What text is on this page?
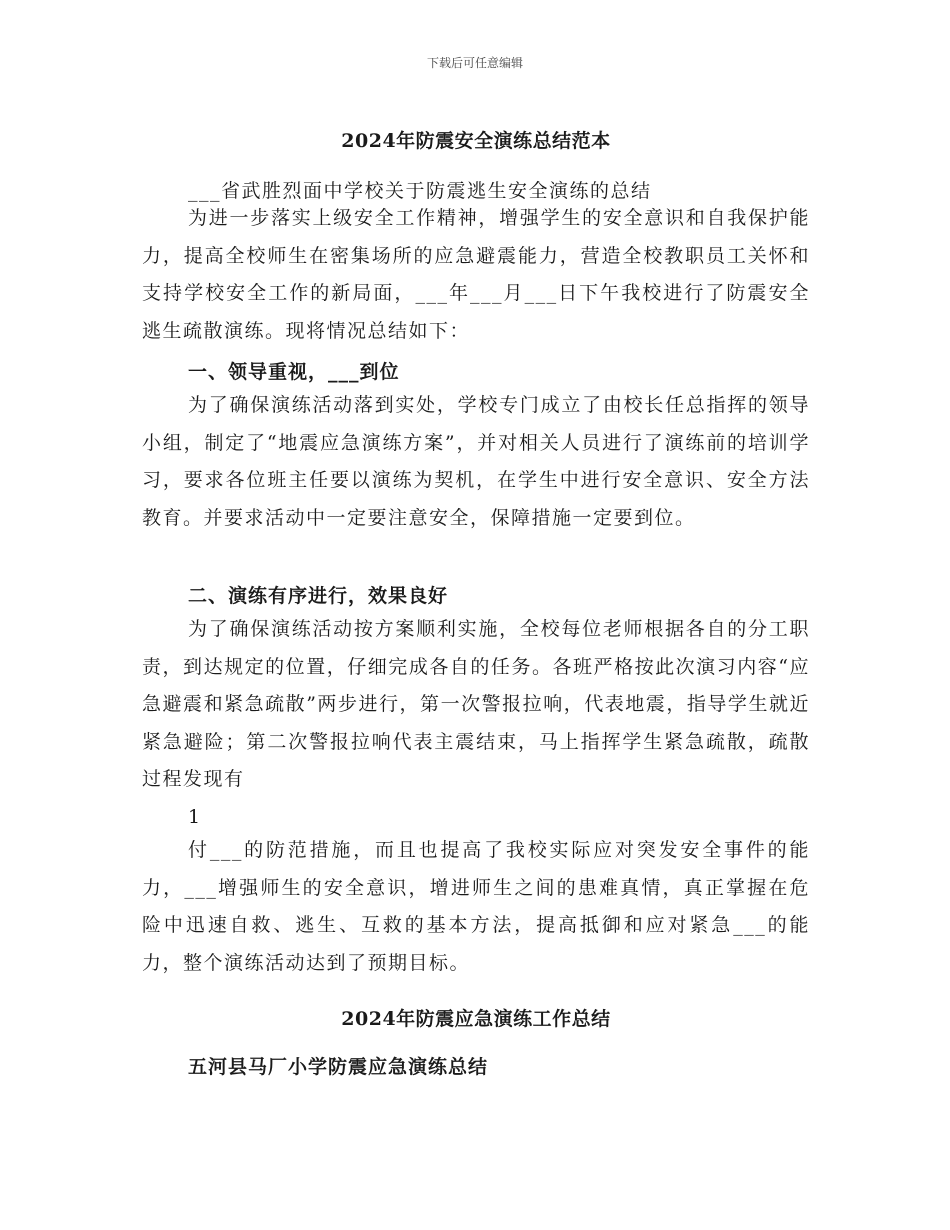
下载后可任意编辑
2024年防震安全演练总结范本
___省武胜烈面中学校关于防震逃生安全演练的总结
为进一步落实上级安全工作精神，增强学生的安全意识和自我保护能力，提高全校师生在密集场所的应急避震能力，营造全校教职员工关怀和支持学校安全工作的新局面，___年___月___日下午我校进行了防震安全逃生疏散演练。现将情况总结如下：
一、领导重视，___到位
为了确保演练活动落到实处，学校专门成立了由校长任总指挥的领导小组，制定了“地震应急演练方案”，并对相关人员进行了演练前的培训学习，要求各位班主任要以演练为契机，在学生中进行安全意识、安全方法教育。并要求活动中一定要注意安全，保障措施一定要到位。
二、演练有序进行，效果良好
为了确保演练活动按方案顺利实施，全校每位老师根据各自的分工职责，到达规定的位置，仔细完成各自的任务。各班严格按此次演习内容“应急避震和紧急疏散”两步进行，第一次警报拉响，代表地震，指导学生就近紧急避险；第二次警报拉响代表主震结束，马上指挥学生紧急疏散，疏散过程发现有
1
付___的防范措施，而且也提高了我校实际应对突发安全事件的能力，___增强师生的安全意识，增进师生之间的患难真情，真正掌握在危险中迅速自救、逃生、互救的基本方法，提高抵御和应对紧急___的能力，整个演练活动达到了预期目标。
2024年防震应急演练工作总结
五河县马厂小学防震应急演练总结
